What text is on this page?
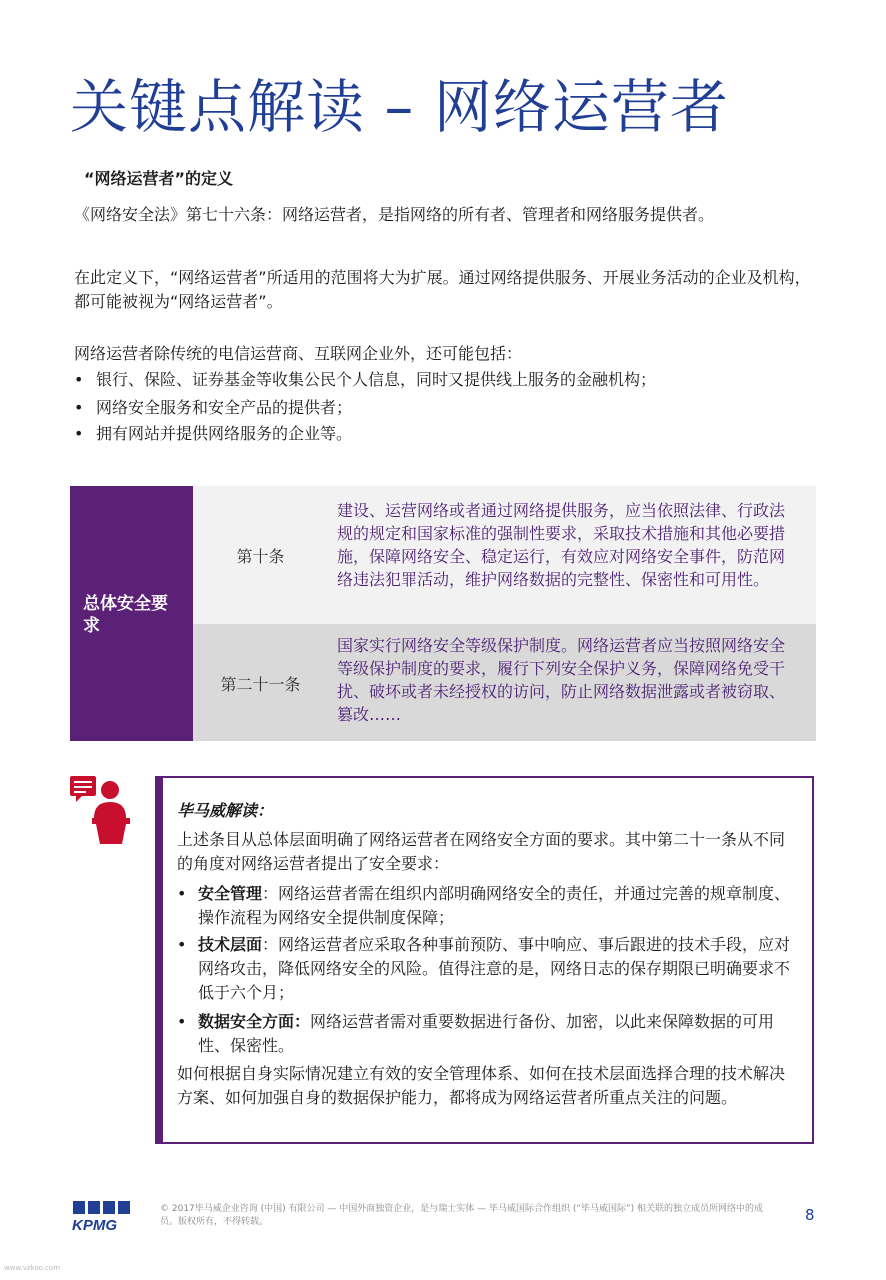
关键点解读 – 网络运营者
“网络运营者”的定义
《网络安全法》第七十六条：网络运营者，是指网络的所有者、管理者和网络服务提供者。
在此定义下，“网络运营者”所适用的范围将大为扩展。通过网络提供服务、开展业务活动的企业及机构，都可能被视为“网络运营者”。
网络运营者除传统的电信运营商、互联网企业外，还可能包括：
• 银行、保险、证券基金等收集公民个人信息，同时又提供线上服务的金融机构；
• 网络安全服务和安全产品的提供者；
• 拥有网站并提供网络服务的企业等。
总体安全要求
第十条
建设、运营网络或者通过网络提供服务，应当依照法律、行政法规的规定和国家标准的强制性要求，采取技术措施和其他必要措施，保障网络安全、稳定运行，有效应对网络安全事件，防范网络违法犯罪活动，维护网络数据的完整性、保密性和可用性。
第二十一条
国家实行网络安全等级保护制度。网络运营者应当按照网络安全等级保护制度的要求，履行下列安全保护义务，保障网络免受干扰、破坏或者未经授权的访问，防止网络数据泄露或者被窃取、篡改……
毕马威解读：
上述条目从总体层面明确了网络运营者在网络安全方面的要求。其中第二十一条从不同的角度对网络运营者提出了安全要求：
• 安全管理：网络运营者需在组织内部明确网络安全的责任，并通过完善的规章制度、操作流程为网络安全提供制度保障；
• 技术层面：网络运营者应采取各种事前预防、事中响应、事后跟进的技术手段，应对网络攻击，降低网络安全的风险。值得注意的是，网络日志的保存期限已明确要求不低于六个月；
• 数据安全方面：网络运营者需对重要数据进行备份、加密，以此来保障数据的可用性、保密性。
如何根据自身实际情况建立有效的安全管理体系、如何在技术层面选择合理的技术解决方案、如何加强自身的数据保护能力，都将成为网络运营者所重点关注的问题。
KPMG
© 2017毕马威企业咨询 (中国) 有限公司 — 中国外商独资企业，是与瑞士实体 — 毕马威国际合作组织 (“毕马威国际”) 相关联的独立成员所网络中的成员。版权所有，不得转载。	8
www.vzkoo.com
